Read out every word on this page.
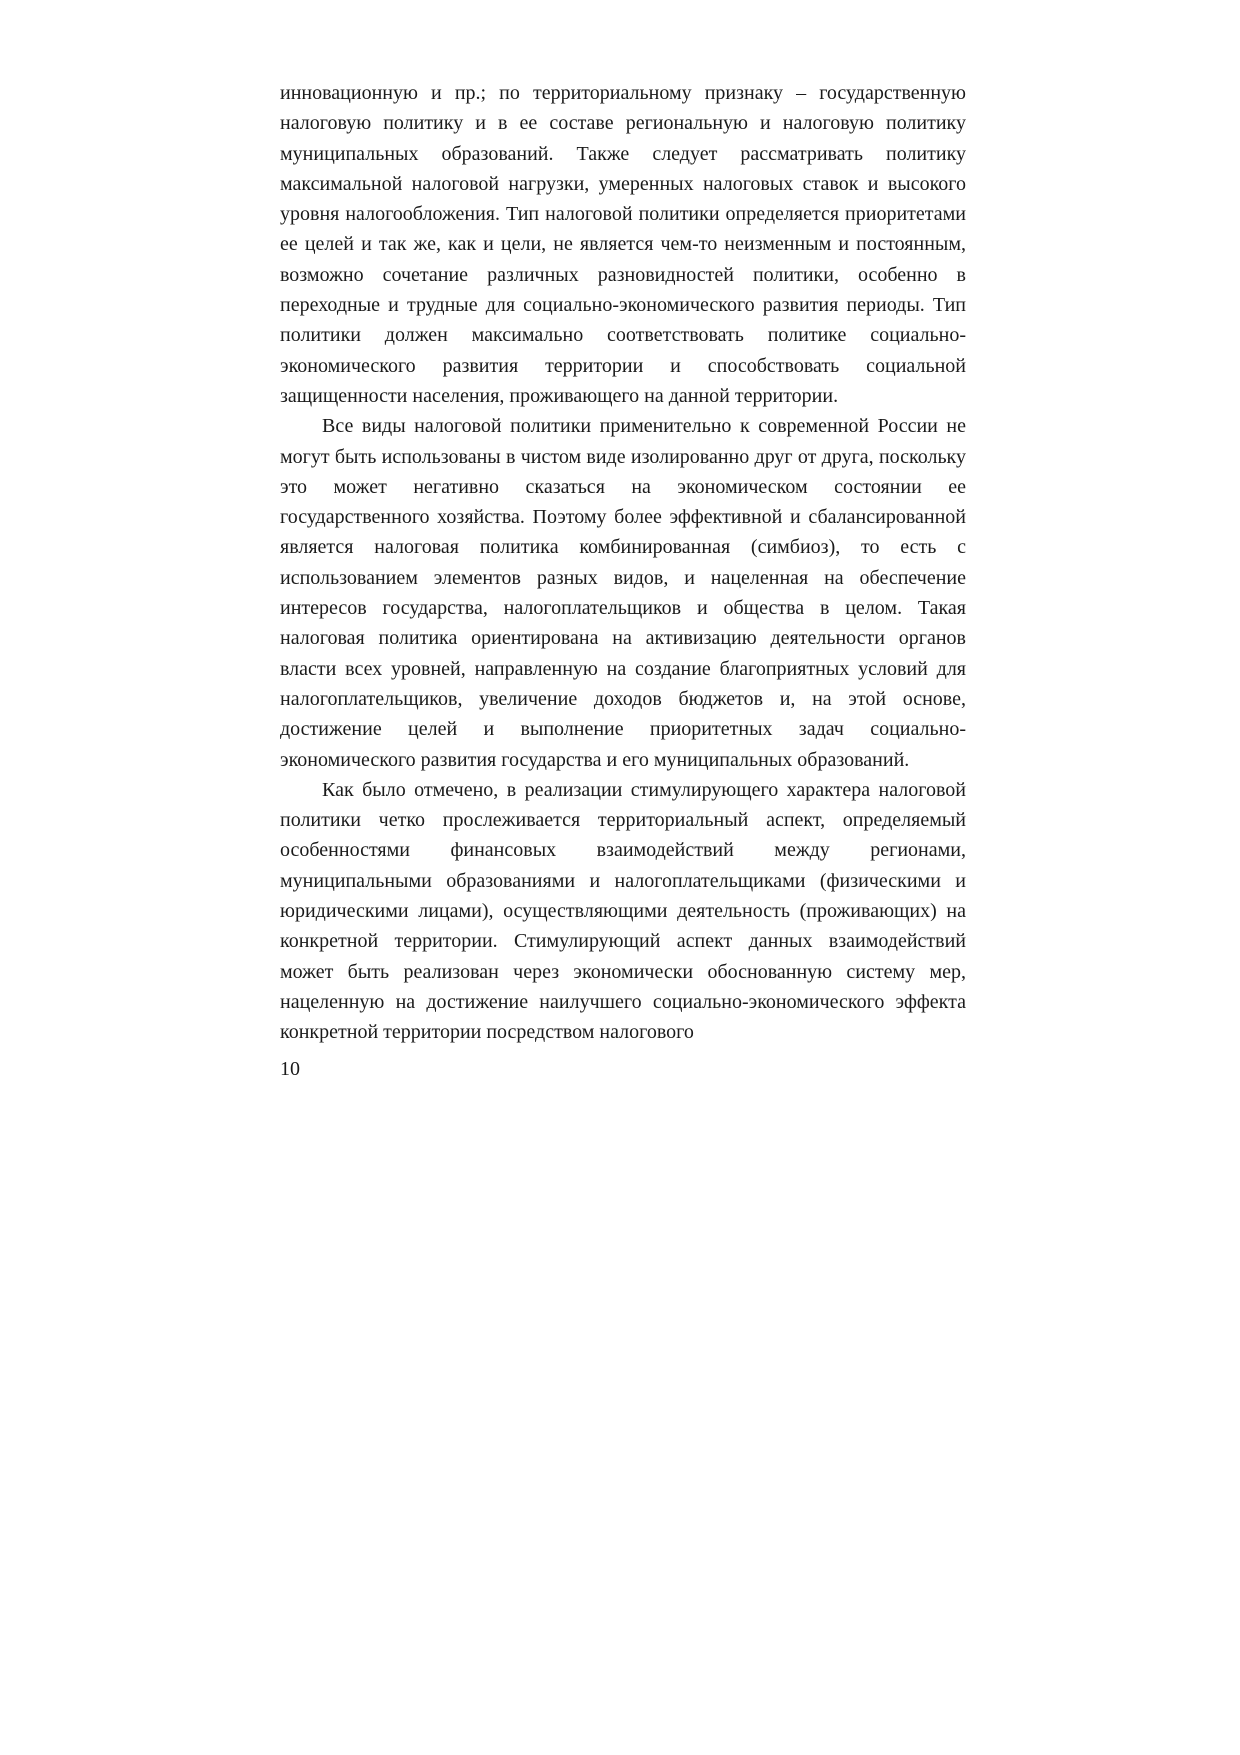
инновационную и пр.; по территориальному признаку – государственную налоговую политику и в ее составе региональную и налоговую политику муниципальных образований. Также следует рассматривать политику максимальной налоговой нагрузки, умеренных налоговых ставок и высокого уровня налогообложения. Тип налоговой политики определяется приоритетами ее целей и так же, как и цели, не является чем-то неизменным и постоянным, возможно сочетание различных разновидностей политики, особенно в переходные и трудные для социально-экономического развития периоды. Тип политики должен максимально соответствовать политике социально-экономического развития территории и способствовать социальной защищенности населения, проживающего на данной территории.

Все виды налоговой политики применительно к современной России не могут быть использованы в чистом виде изолированно друг от друга, поскольку это может негативно сказаться на экономическом состоянии ее государственного хозяйства. Поэтому более эффективной и сбалансированной является налоговая политика комбинированная (симбиоз), то есть с использованием элементов разных видов, и нацеленная на обеспечение интересов государства, налогоплательщиков и общества в целом. Такая налоговая политика ориентирована на активизацию деятельности органов власти всех уровней, направленную на создание благоприятных условий для налогоплательщиков, увеличение доходов бюджетов и, на этой основе, достижение целей и выполнение приоритетных задач социально-экономического развития государства и его муниципальных образований.

Как было отмечено, в реализации стимулирующего характера налоговой политики четко прослеживается территориальный аспект, определяемый особенностями финансовых взаимодействий между регионами, муниципальными образованиями и налогоплательщиками (физическими и юридическими лицами), осуществляющими деятельность (проживающих) на конкретной территории. Стимулирующий аспект данных взаимодействий может быть реализован через экономически обоснованную систему мер, нацеленную на достижение наилучшего социально-экономического эффекта конкретной территории посредством налогового

10
